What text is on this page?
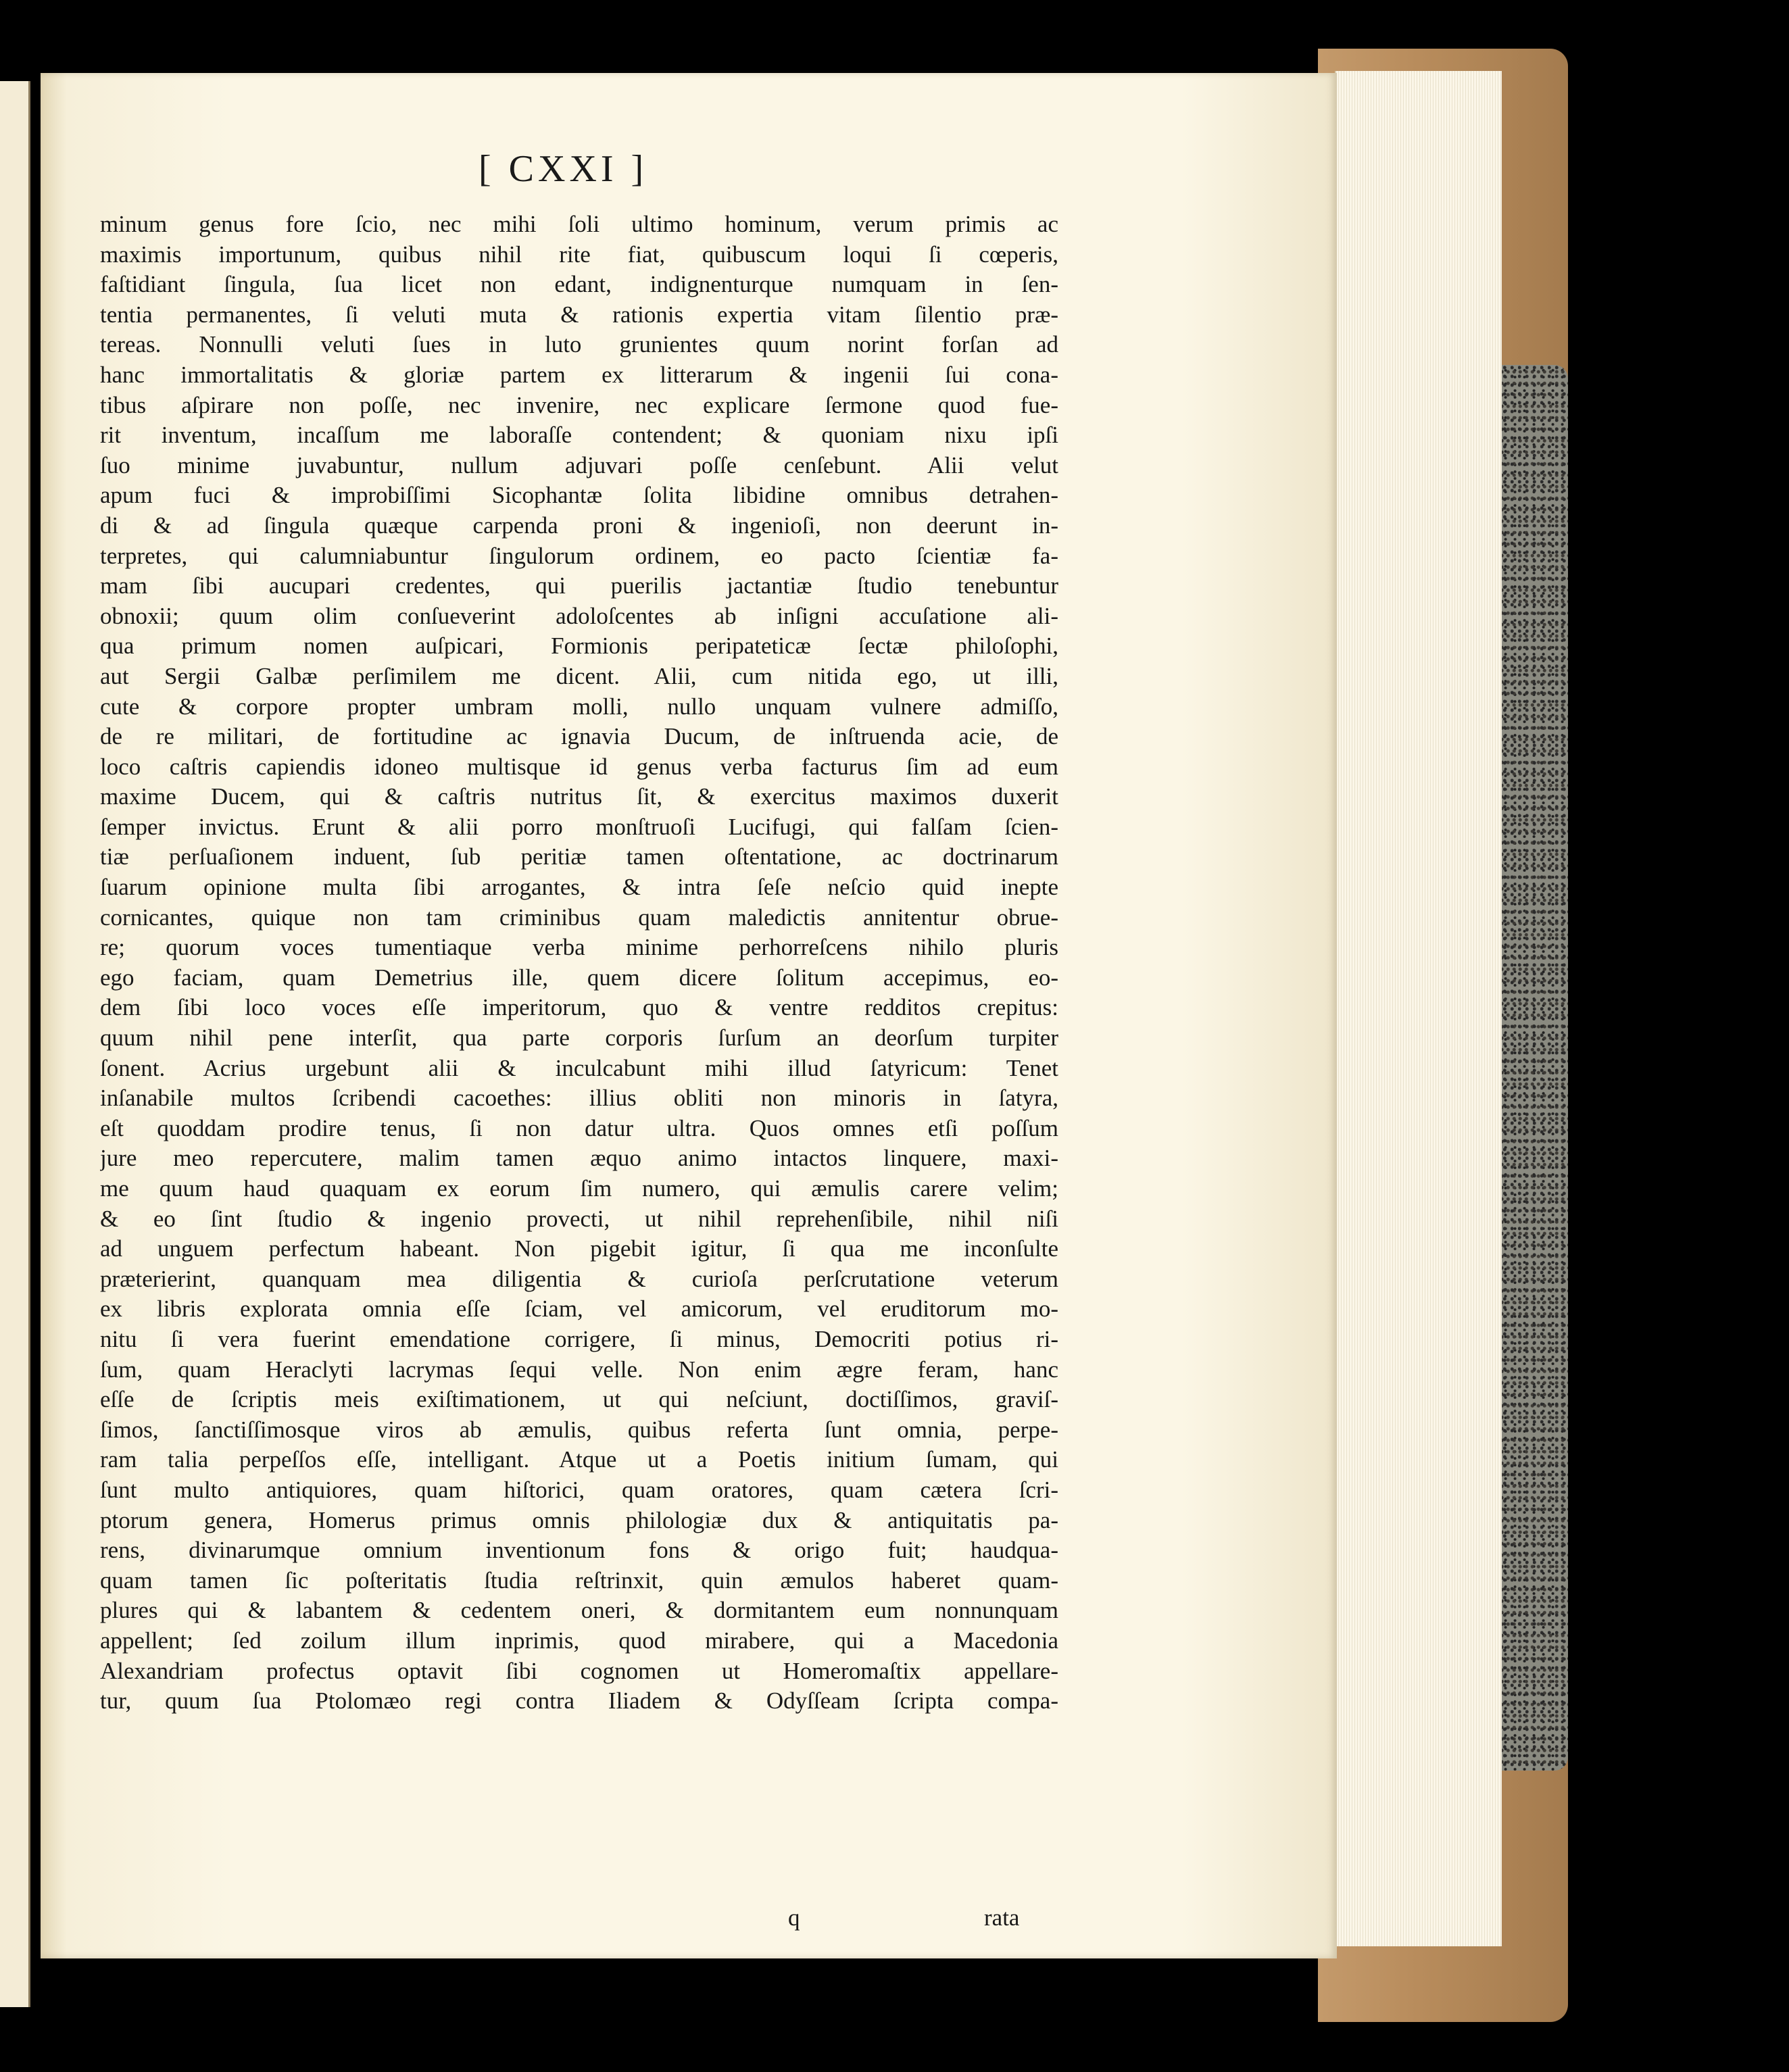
[ CXXI ]
minum genus fore ſcio, nec mihi ſoli ultimo hominum, verum primis ac
maximis importunum, quibus nihil rite fiat, quibuscum loqui ſi cœperis,
faſtidiant ſingula, ſua licet non edant, indignenturque numquam in ſen-
tentia permanentes, ſi veluti muta & rationis expertia vitam ſilentio præ-
tereas. Nonnulli veluti ſues in luto grunientes quum norint forſan ad
hanc immortalitatis & gloriæ partem ex litterarum & ingenii ſui cona-
tibus aſpirare non poſſe, nec invenire, nec explicare ſermone quod fue-
rit inventum, incaſſum me laboraſſe contendent; & quoniam nixu ipſi
ſuo minime juvabuntur, nullum adjuvari poſſe cenſebunt. Alii velut
apum fuci & improbiſſimi Sicophantæ ſolita libidine omnibus detrahen-
di & ad ſingula quæque carpenda proni & ingenioſi, non deerunt in-
terpretes, qui calumniabuntur ſingulorum ordinem, eo pacto ſcientiæ fa-
mam ſibi aucupari credentes, qui puerilis jactantiæ ſtudio tenebuntur
obnoxii; quum olim conſueverint adoloſcentes ab inſigni accuſatione ali-
qua primum nomen auſpicari, Formionis peripateticæ ſectæ philoſophi,
aut Sergii Galbæ perſimilem me dicent. Alii, cum nitida ego, ut illi,
cute & corpore propter umbram molli, nullo unquam vulnere admiſſo,
de re militari, de fortitudine ac ignavia Ducum, de inſtruenda acie, de
loco caſtris capiendis idoneo multisque id genus verba facturus ſim ad eum
maxime Ducem, qui & caſtris nutritus ſit, & exercitus maximos duxerit
ſemper invictus. Erunt & alii porro monſtruoſi Lucifugi, qui falſam ſcien-
tiæ perſuaſionem induent, ſub peritiæ tamen oſtentatione, ac doctrinarum
ſuarum opinione multa ſibi arrogantes, & intra ſeſe neſcio quid inepte
cornicantes, quique non tam criminibus quam maledictis annitentur obrue-
re; quorum voces tumentiaque verba minime perhorreſcens nihilo pluris
ego faciam, quam Demetrius ille, quem dicere ſolitum accepimus, eo-
dem ſibi loco voces eſſe imperitorum, quo & ventre redditos crepitus:
quum nihil pene interſit, qua parte corporis ſurſum an deorſum turpiter
ſonent. Acrius urgebunt alii & inculcabunt mihi illud ſatyricum: Tenet
inſanabile multos ſcribendi cacoethes: illius obliti non minoris in ſatyra,
eſt quoddam prodire tenus, ſi non datur ultra. Quos omnes etſi poſſum
jure meo repercutere, malim tamen æquo animo intactos linquere, maxi-
me quum haud quaquam ex eorum ſim numero, qui æmulis carere velim;
& eo ſint ſtudio & ingenio provecti, ut nihil reprehenſibile, nihil niſi
ad unguem perfectum habeant. Non pigebit igitur, ſi qua me inconſulte
præterierint, quanquam mea diligentia & curioſa perſcrutatione veterum
ex libris explorata omnia eſſe ſciam, vel amicorum, vel eruditorum mo-
nitu ſi vera fuerint emendatione corrigere, ſi minus, Democriti potius ri-
ſum, quam Heraclyti lacrymas ſequi velle. Non enim ægre feram, hanc
eſſe de ſcriptis meis exiſtimationem, ut qui neſciunt, doctiſſimos, graviſ-
ſimos, ſanctiſſimosque viros ab æmulis, quibus referta ſunt omnia, perpe-
ram talia perpeſſos eſſe, intelligant. Atque ut a Poetis initium ſumam, qui
ſunt multo antiquiores, quam hiſtorici, quam oratores, quam cætera ſcri-
ptorum genera, Homerus primus omnis philologiæ dux & antiquitatis pa-
rens, divinarumque omnium inventionum fons & origo fuit; haudqua-
quam tamen ſic poſteritatis ſtudia reſtrinxit, quin æmulos haberet quam-
plures qui & labantem & cedentem oneri, & dormitantem eum nonnunquam
appellent; ſed zoilum illum inprimis, quod mirabere, qui a Macedonia
Alexandriam profectus optavit ſibi cognomen ut Homeromaſtix appellare-
tur, quum ſua Ptolomæo regi contra Iliadem & Odyſſeam ſcripta compa-
q	rata
